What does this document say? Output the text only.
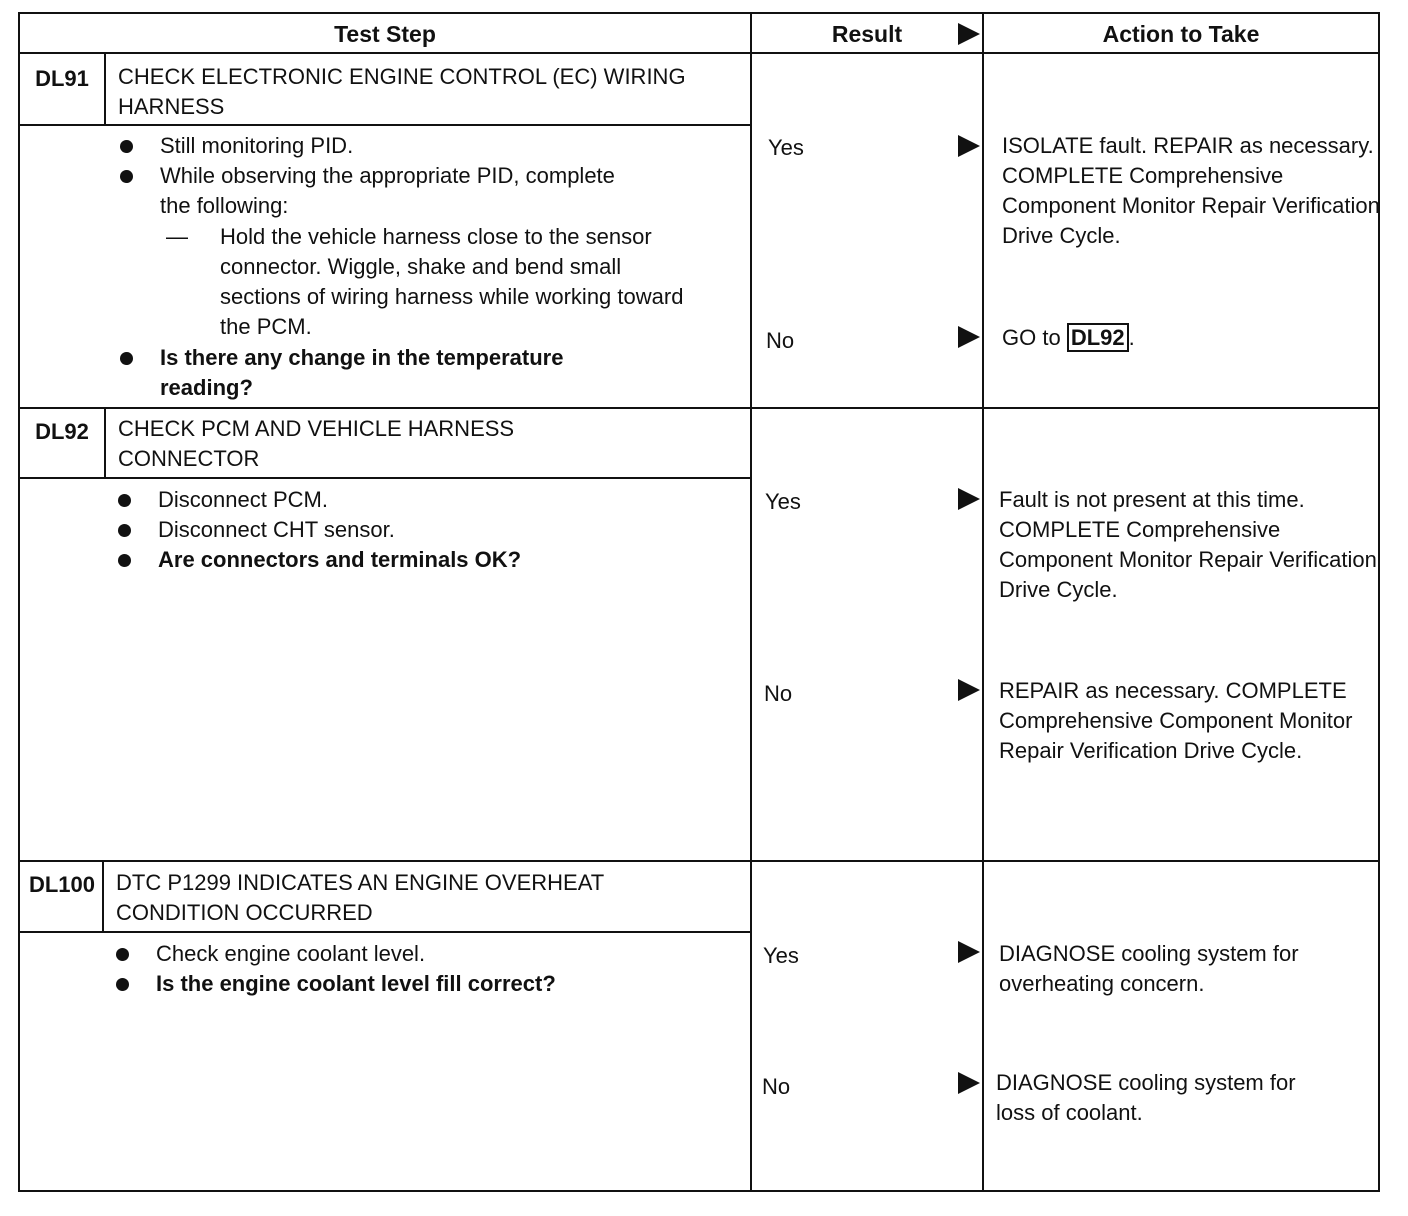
Test Step	Result	Action to Take
DL91	CHECK ELECTRONIC ENGINE CONTROL (EC) WIRING HARNESS
Still monitoring PID.
While observing the appropriate PID, complete the following:
— Hold the vehicle harness close to the sensor connector. Wiggle, shake and bend small sections of wiring harness while working toward the PCM.
Is there any change in the temperature reading?
Yes	ISOLATE fault. REPAIR as necessary. COMPLETE Comprehensive Component Monitor Repair Verification Drive Cycle.
No	GO to DL92 .
DL92	CHECK PCM AND VEHICLE HARNESS CONNECTOR
Disconnect PCM.
Disconnect CHT sensor.
Are connectors and terminals OK?
Yes	Fault is not present at this time. COMPLETE Comprehensive Component Monitor Repair Verification Drive Cycle.
No	REPAIR as necessary. COMPLETE Comprehensive Component Monitor Repair Verification Drive Cycle.
DL100 DTC P1299 INDICATES AN ENGINE OVERHEAT CONDITION OCCURRED
Check engine coolant level.
Is the engine coolant level fill correct?
Yes	DIAGNOSE cooling system for overheating concern.
No	DIAGNOSE cooling system for loss of coolant.
